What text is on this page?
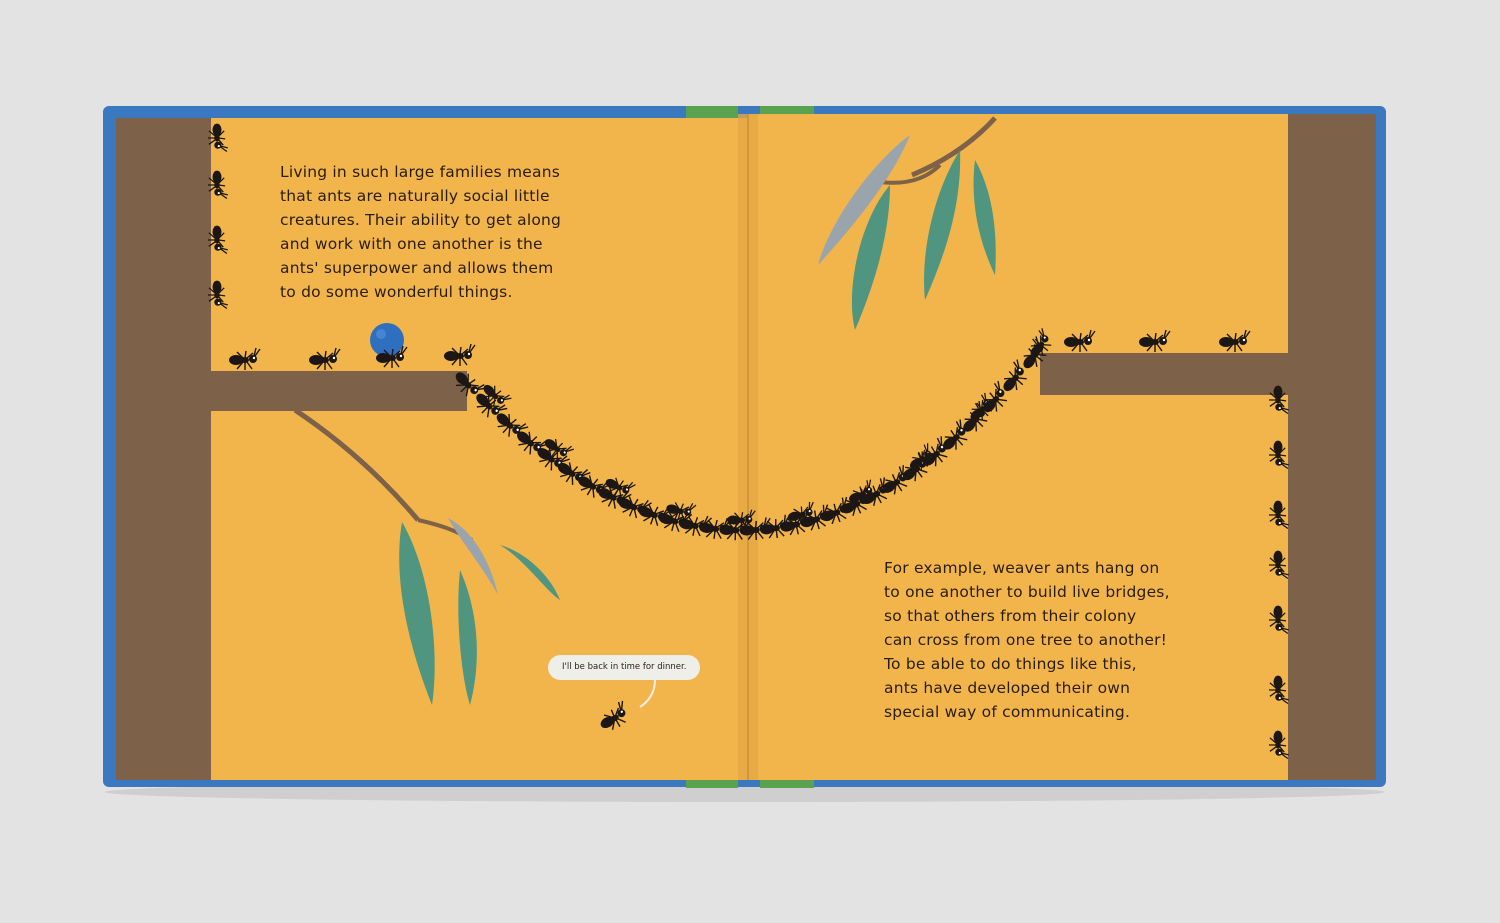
Living in such large families means
that ants are naturally social little
creatures. Their ability to get along
and work with one another is the
ants' superpower and allows them
to do some wonderful things.

For example, weaver ants hang on
to one another to build live bridges,
so that others from their colony
can cross from one tree to another!
To be able to do things like this,
ants have developed their own
special way of communicating.

I'll be back in time for dinner.
